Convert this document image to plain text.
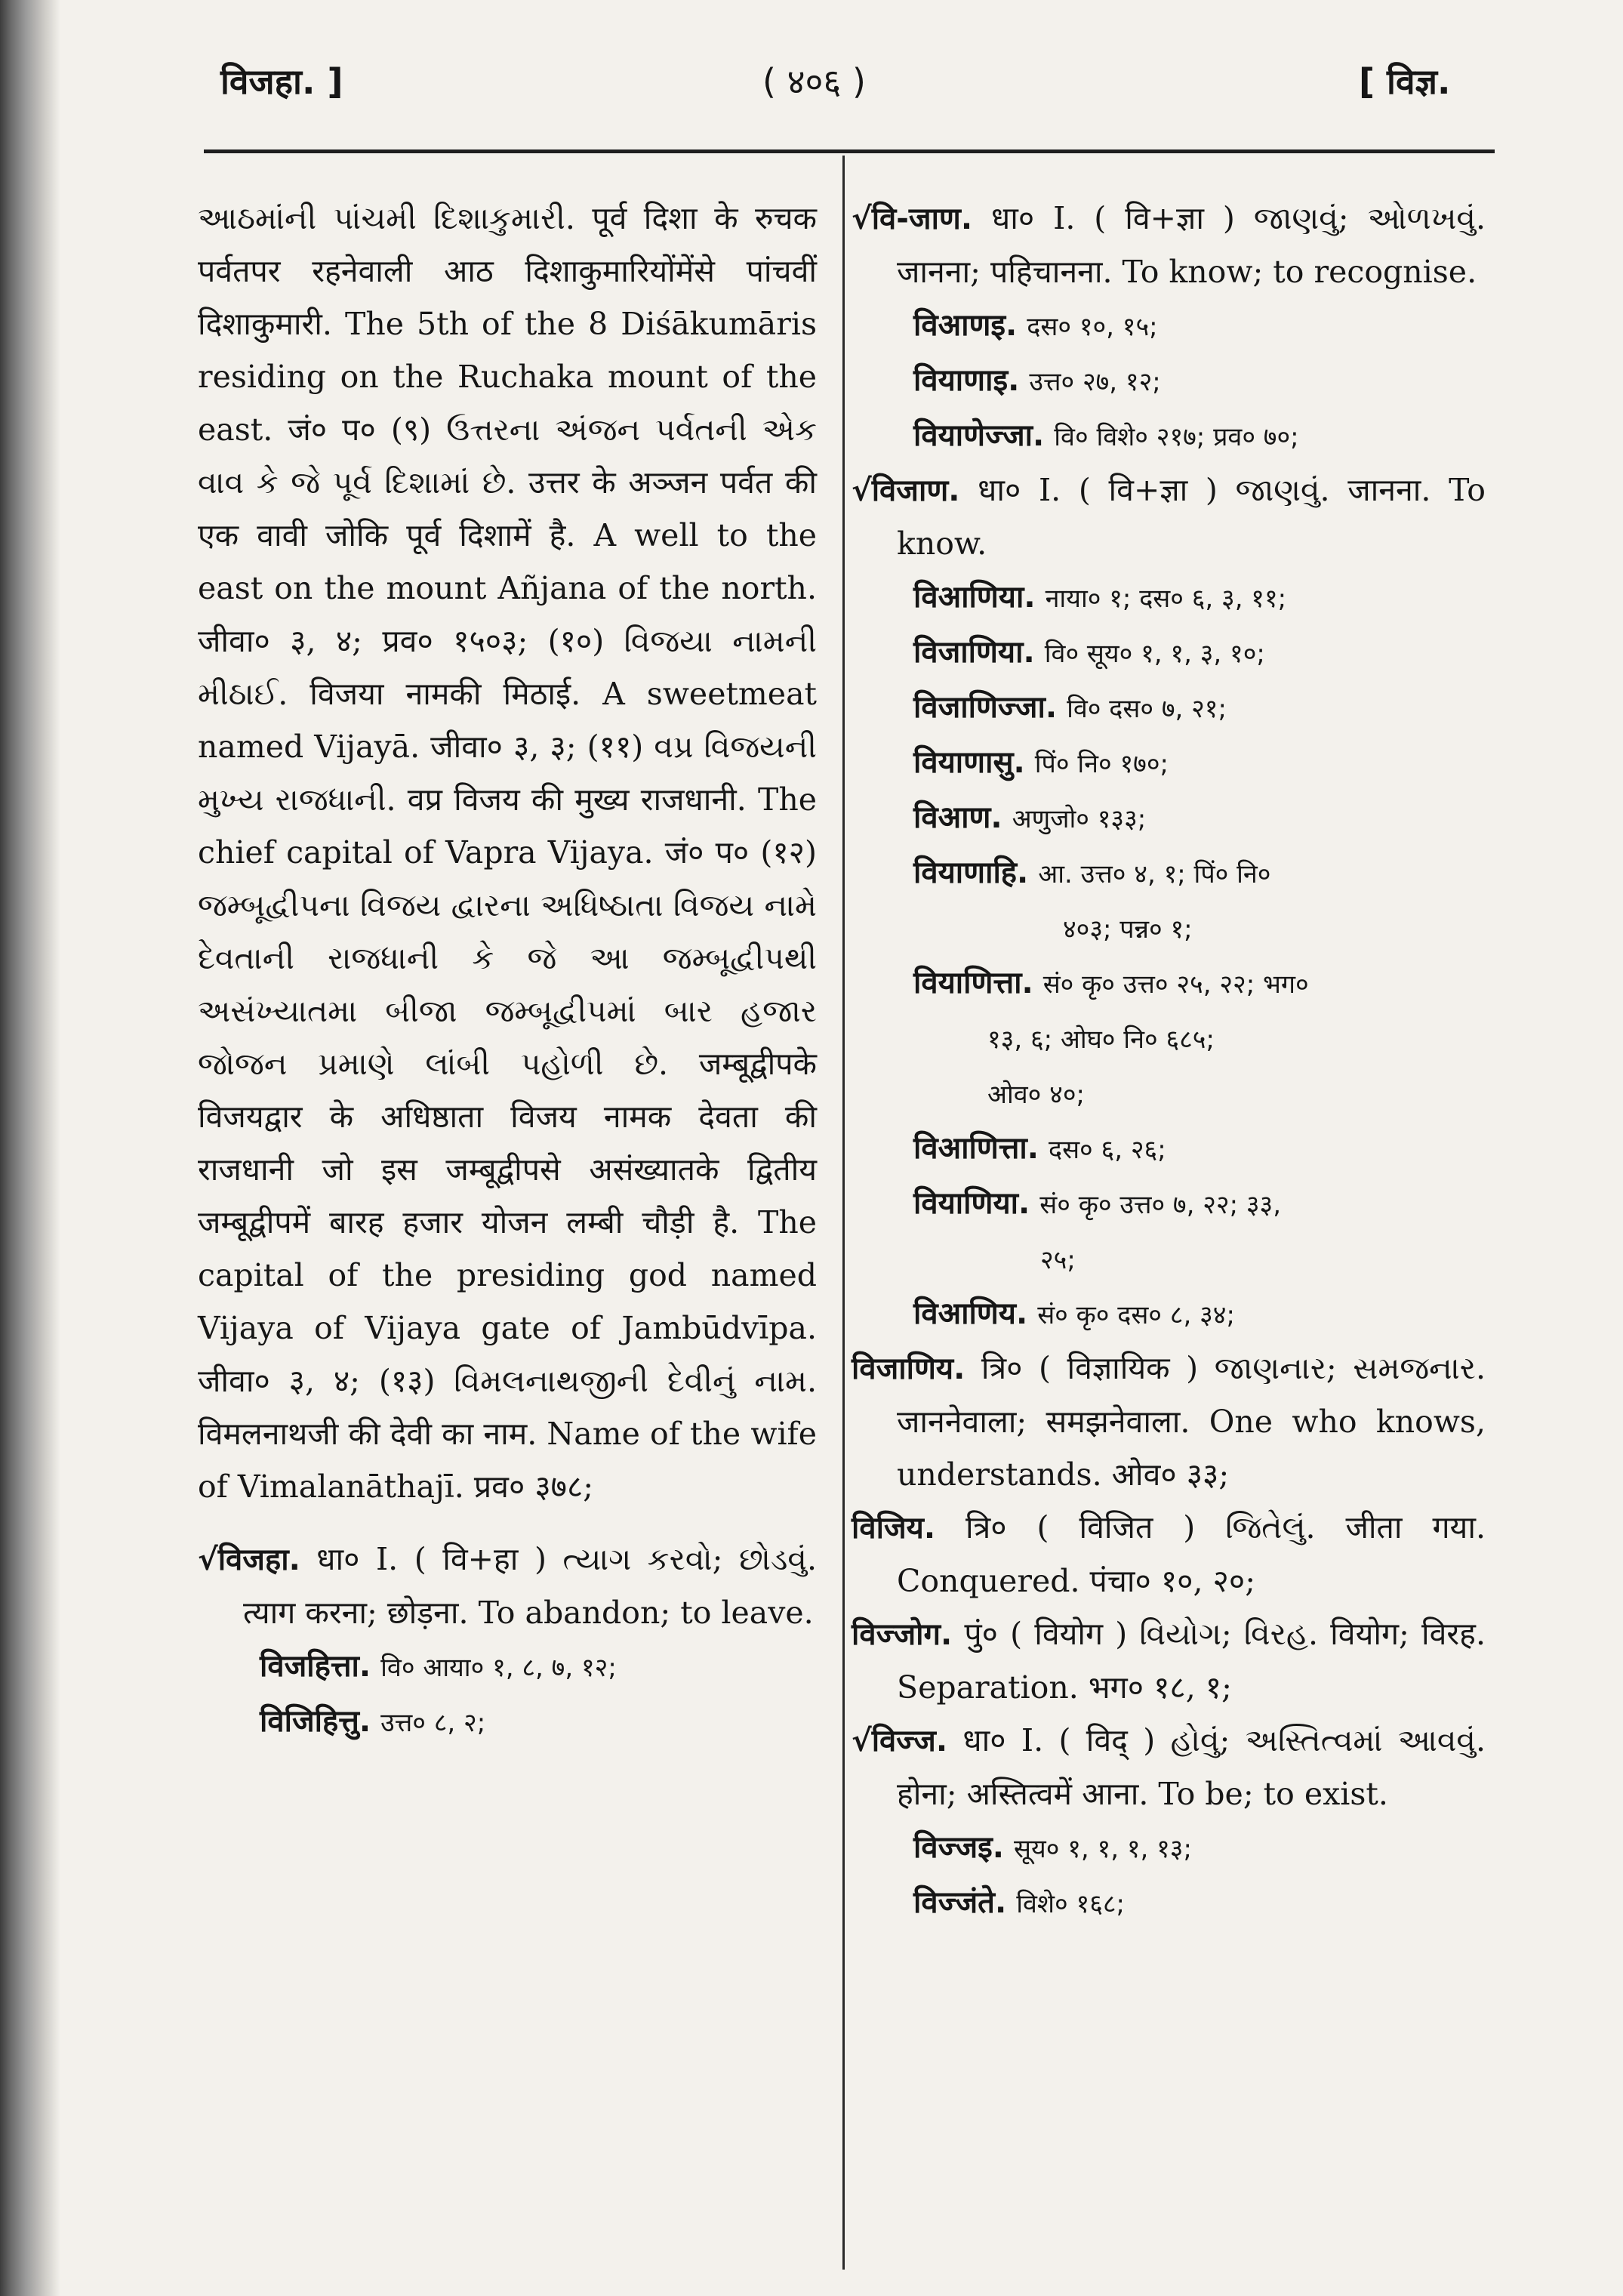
विजहा. ]	( ४०६ )	[ विज्ञ.

આઠમાંની પાંચમી દિશાકુમારી. पूर्व दिशा के रुचक पर्वतपर रहनेवाली आठ दिशाकुमारियोंमेंसे पांचवीं दिशाकुमारी. The 5th of the 8 Diśākumāris residing on the Ruchaka mount of the east. जं० प० (९) ઉત્તરના અંજન પર્વતની એક વાવ કે જે પૂર્વ દિશામાં છે. उत्तर के अञ्जन पर्वत की एक वावी जोकि पूर्व दिशामें है. A well to the east on the mount Añjana of the north. जीवा० ३, ४; प्रव० १५०३; (१०) વિજયા નામની મીઠાઈ. विजया नामकी मिठाई. A sweetmeat named Vijayā. जीवा० ३, ३; (११) વપ્ર વિજયની મુખ્ય રાજધાની. वप्र विजय की मुख्य राजधानी. The chief capital of Vapra Vijaya. जं० प० (१२) જમ્બૂદ્વીપના વિજય દ્વારના અધિષ્ઠાતા વિજય નામે દેવતાની રાજધાની કે જે આ જમ્બૂદ્વીપથી અસંખ્યાતમા બીજા જમ્બૂદ્વીપમાં બાર હજાર જોજન પ્રમાણે લાંબી પહોળી છે. जम्बूद्वीपके विजयद्वार के अधिष्ठाता विजय नामक देवता की राजधानी जो इस जम्बूद्वीपसे असंख्यातके द्वितीय जम्बूद्वीपमें बारह हजार योजन लम्बी चौड़ी है. The capital of the presiding god named Vijaya of Vijaya gate of Jambūdvīpa. जीवा० ३, ४; (१३) વિમલનાથજીની દેવીનું નામ. विमलनाथजी की देवी का नाम. Name of the wife of Vimalanāthajī. प्रव० ३७८;

√विजहा. धा० I. ( वि+हा ) ત્યાગ કરવો; છોડવું. त्याग करना; छोड़ना. To abandon; to leave.

विजहित्ता. वि० आया० १, ८, ७, १२;

विजिहित्तु. उत्त० ८, २;

√वि-जाण. धा० I. ( वि+ज्ञा ) જાણવું; ઓળખવું. जानना; पहिचानना. To know; to recognise.

विआणइ. दस० १०, १५;

वियाणाइ. उत्त० २७, १२;

वियाणेज्जा. वि० विशे० २१७; प्रव० ७०;

√विजाण. धा० I. ( वि+ज्ञा ) જાણવું. जानना. To know.

विआणिया. नाया० १; दस० ६, ३, ११;

विजाणिया. वि० सूय० १, १, ३, १०;

विजाणिज्जा. वि० दस० ७, २१;

वियाणासु. पिं० नि० १७०;

विआण. अणुजो० १३३;

वियाणाहि. आ. उत्त० ४, १; पिं० नि०

४०३; पन्न० १;

वियाणित्ता. सं० कृ० उत्त० २५, २२; भग०

१३, ६; ओघ० नि० ६८५;

ओव० ४०;

विआणित्ता. दस० ६, २६;

वियाणिया. सं० कृ० उत्त० ७, २२; ३३,

२५;

विआणिय. सं० कृ० दस० ८, ३४;

विजाणिय. त्रि० ( विज्ञायिक ) જાણનાર; સમજનાર. जाननेवाला; समझनेवाला. One who knows, understands. ओव० ३३;

विजिय. त्रि० ( विजित ) જિતેલું. जीता गया. Conquered. पंचा० १०, २०;

विज्जोग. पुं० ( वियोग ) વિયોગ; વિરહ. वियोग; विरह. Separation. भग० १८, १;

√विज्ज. धा० I. ( विद् ) હોવું; અસ્તિત્વમાં આવવું. होना; अस्तित्वमें आना. To be; to exist.

विज्जइ. सूय० १, १, १, १३;

विज्जंते. विशे० १६८;
